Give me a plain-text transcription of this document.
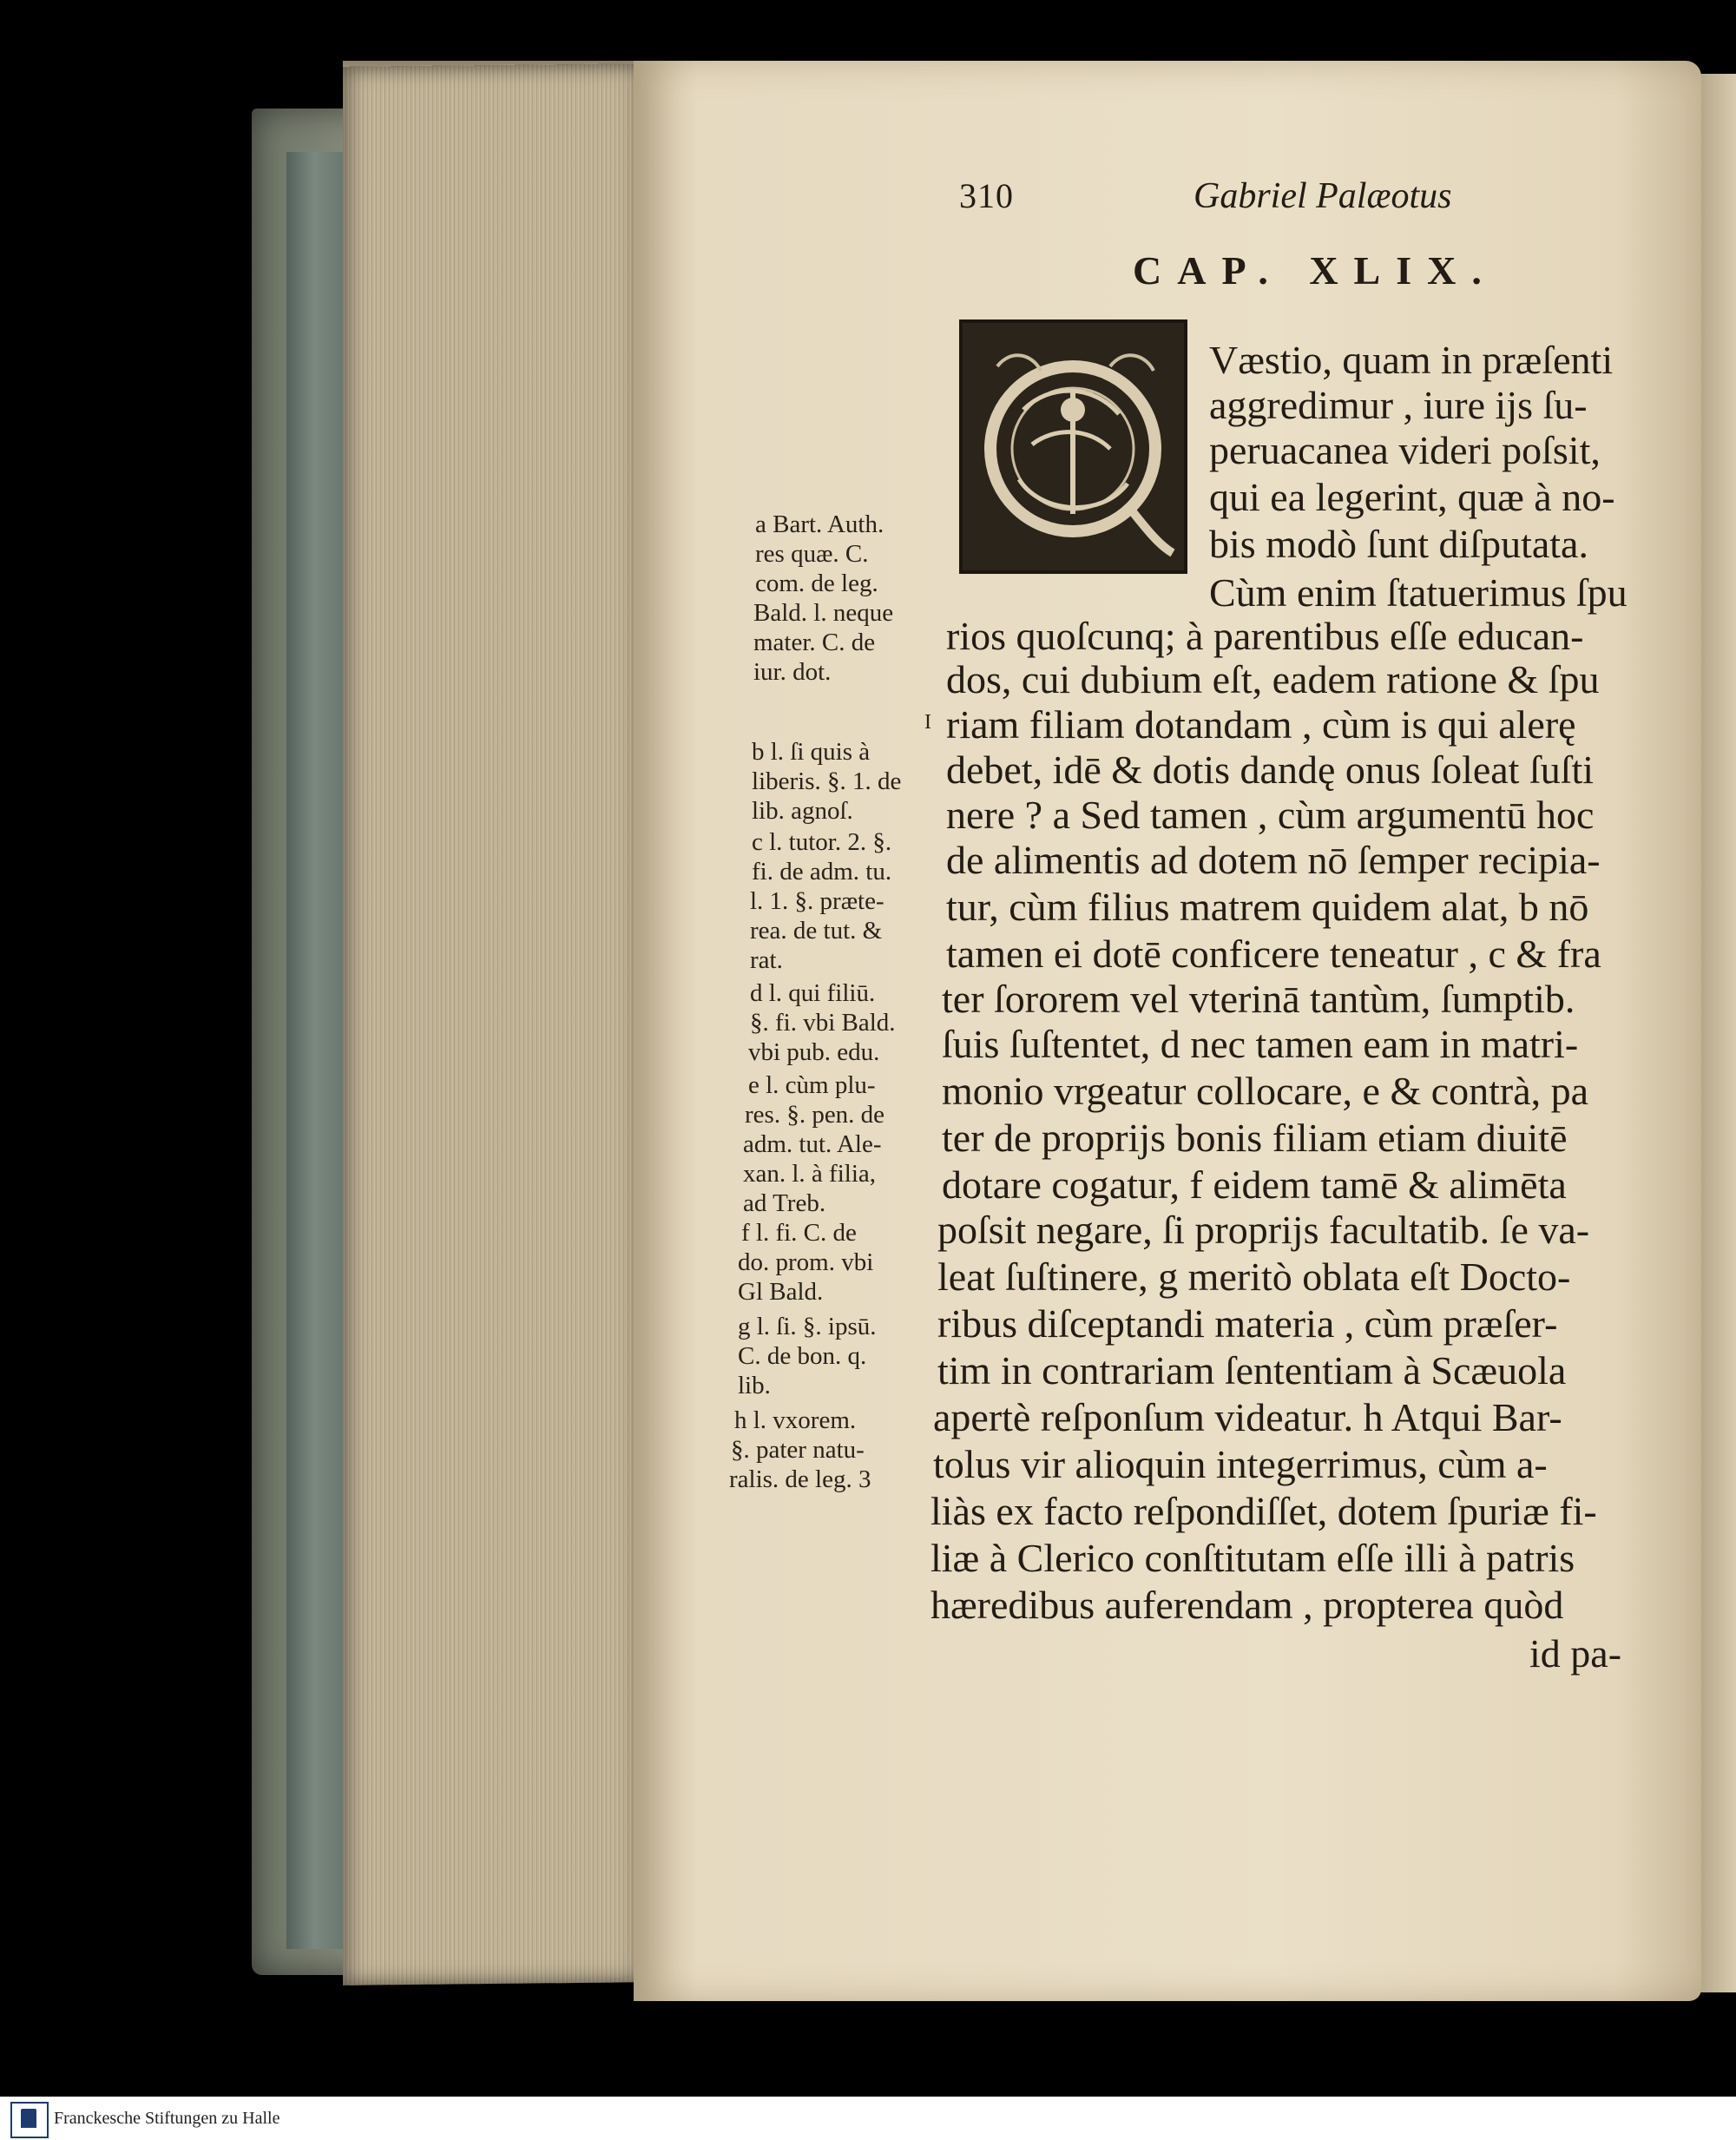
310	Gabriel Palæotus
CAP. XLIX.
Væstio, quam in præſenti
aggredimur , iure ijs ſu-
peruacanea videri poſsit,
qui ea legerint, quæ à no-
bis modò ſunt diſputata.
Cùm enim ſtatuerimus ſpu
rios quoſcunq; à parentibus eſſe educan-
dos, cui dubium eſt, eadem ratione & ſpu
riam filiam dotandam , cùm is qui alerę
debet, idē & dotis dandę onus ſoleat ſuſti
nere ? a Sed tamen , cùm argumentū hoc
de alimentis ad dotem nō ſemper recipia-
tur, cùm filius matrem quidem alat, b nō
tamen ei dotē conficere teneatur , c & fra
ter ſororem vel vterinā tantùm, ſumptib.
ſuis ſuſtentet, d nec tamen eam in matri-
monio vrgeatur collocare, e & contrà, pa
ter de proprijs bonis filiam etiam diuitē
dotare cogatur, f eidem tamē & alimēta
poſsit negare, ſi proprijs facultatib. ſe va-
leat ſuſtinere, g meritò oblata eſt Docto-
ribus diſceptandi materia , cùm præſer-
tim in contrariam ſententiam à Scæuola
apertè reſponſum videatur. h Atqui Bar-
tolus vir alioquin integerrimus, cùm a-
liàs ex facto reſpondiſſet, dotem ſpuriæ fi-
liæ à Clerico conſtitutam eſſe illi à patris
hæredibus auferendam , propterea quòd
id pa-
a Bart. Auth.
res quæ. C.
com. de leg.
Bald. l. neque
mater. C. de
iur. dot.
I
b l. ſi quis à
liberis. §. 1. de
lib. agnoſ.
c l. tutor. 2. §.
fi. de adm. tu.
l. 1. §. præte-
rea. de tut. &
rat.
d l. qui filiū.
§. fi. vbi Bald.
vbi pub. edu.
e l. cùm plu-
res. §. pen. de
adm. tut. Ale-
xan. l. à filia,
ad Treb.
f l. fi. C. de
do. prom. vbi
Gl Bald.
g l. ſi. §. ipsū.
C. de bon. q.
lib.
h l. vxorem.
§. pater natu-
ralis. de leg. 3
Franckesche Stiftungen zu Halle
